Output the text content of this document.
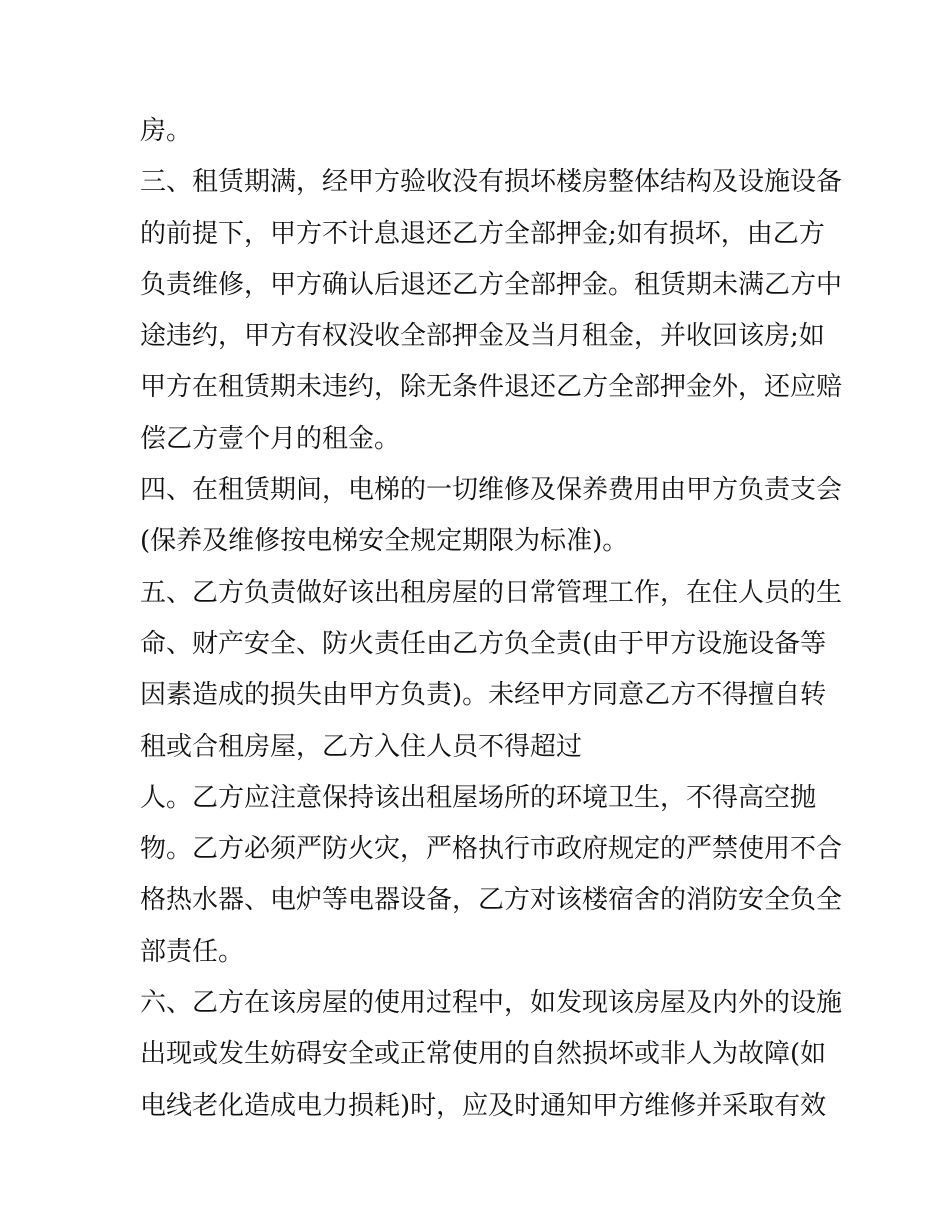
房。
三、租赁期满，经甲方验收没有损坏楼房整体结构及设施设备
的前提下，甲方不计息退还乙方全部押金;如有损坏，由乙方
负责维修，甲方确认后退还乙方全部押金。租赁期未满乙方中
途违约，甲方有权没收全部押金及当月租金，并收回该房;如
甲方在租赁期未违约，除无条件退还乙方全部押金外，还应赔
偿乙方壹个月的租金。
四、在租赁期间，电梯的一切维修及保养费用由甲方负责支会
(保养及维修按电梯安全规定期限为标准)。
五、乙方负责做好该出租房屋的日常管理工作，在住人员的生
命、财产安全、防火责任由乙方负全责(由于甲方设施设备等
因素造成的损失由甲方负责)。未经甲方同意乙方不得擅自转
租或合租房屋，乙方入住人员不得超过
人。乙方应注意保持该出租屋场所的环境卫生，不得高空抛
物。乙方必须严防火灾，严格执行市政府规定的严禁使用不合
格热水器、电炉等电器设备，乙方对该楼宿舍的消防安全负全
部责任。
六、乙方在该房屋的使用过程中，如发现该房屋及内外的设施
出现或发生妨碍安全或正常使用的自然损坏或非人为故障(如
电线老化造成电力损耗)时，应及时通知甲方维修并采取有效
